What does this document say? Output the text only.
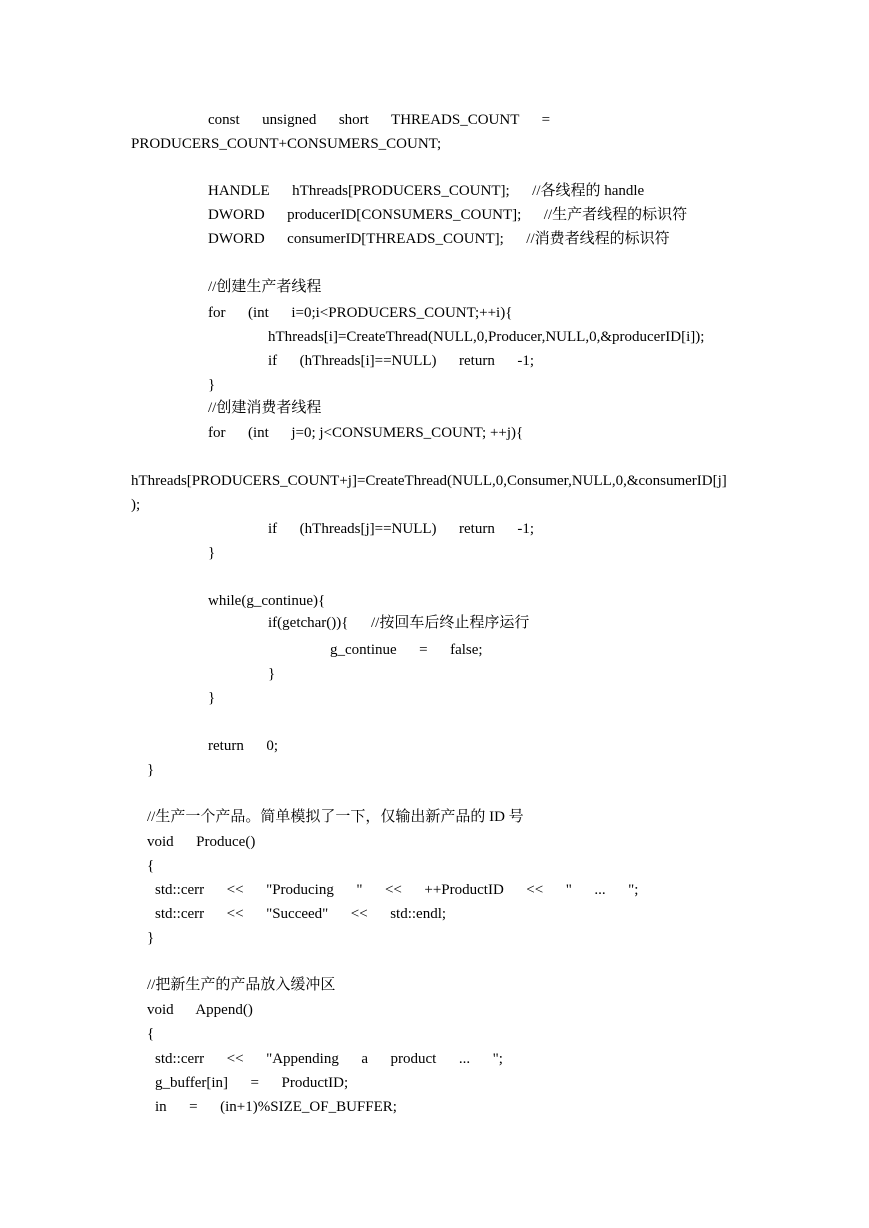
const      unsigned      short      THREADS_COUNT      =
PRODUCERS_COUNT+CONSUMERS_COUNT;
HANDLE      hThreads[PRODUCERS_COUNT];      //各线程的 handle
DWORD      producerID[CONSUMERS_COUNT];      //生产者线程的标识符
DWORD      consumerID[THREADS_COUNT];      //消费者线程的标识符
//创建生产者线程
for      (int      i=0;i<PRODUCERS_COUNT;++i){
hThreads[i]=CreateThread(NULL,0,Producer,NULL,0,&producerID[i]);
if      (hThreads[i]==NULL)      return      -1;
}
//创建消费者线程
for      (int      j=0; j<CONSUMERS_COUNT; ++j){
hThreads[PRODUCERS_COUNT+j]=CreateThread(NULL,0,Consumer,NULL,0,&consumerID[j]
);
if      (hThreads[j]==NULL)      return      -1;
}
while(g_continue){
if(getchar()){      //按回车后终止程序运行
g_continue      =      false;
}
}
return      0;
}
//生产一个产品。简单模拟了一下，仅输出新产品的 ID 号
void      Produce()
{
std::cerr      <<      "Producing      "      <<      ++ProductID      <<      "      ...      ";
std::cerr      <<      "Succeed"      <<      std::endl;
}
//把新生产的产品放入缓冲区
void      Append()
{
std::cerr      <<      "Appending      a      product      ...      ";
g_buffer[in]      =      ProductID;
in      =      (in+1)%SIZE_OF_BUFFER;
